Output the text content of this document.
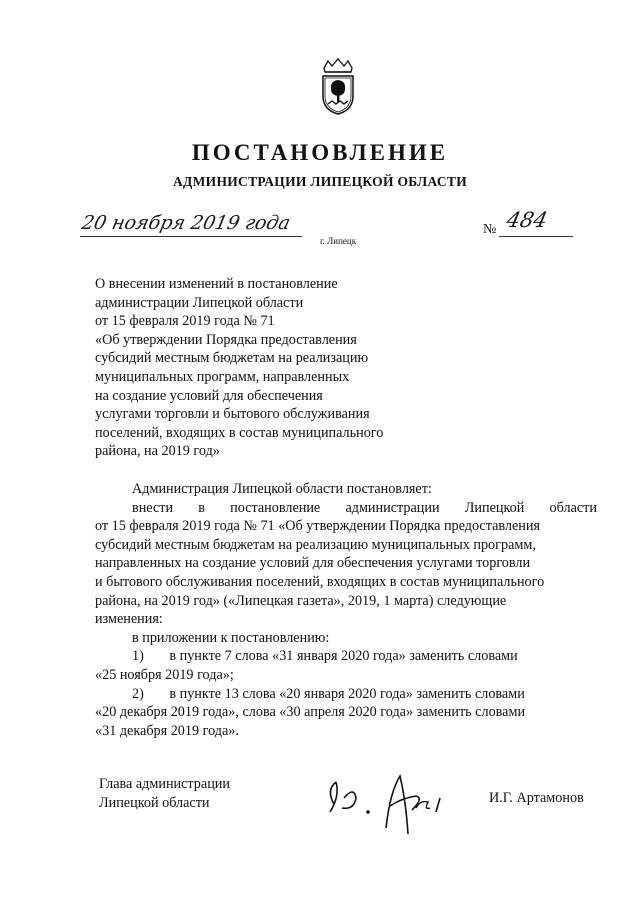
ПОСТАНОВЛЕНИЕ
АДМИНИСТРАЦИИ ЛИПЕЦКОЙ ОБЛАСТИ
20 ноября 2019 года
г. Липецк
№ 484
О внесении изменений в постановление
администрации Липецкой области
от 15 февраля 2019 года № 71
«Об утверждении Порядка предоставления
субсидий местным бюджетам на реализацию
муниципальных программ, направленных
на создание условий для обеспечения
услугами торговли и бытового обслуживания
поселений, входящих в состав муниципального
района, на 2019 год»
Администрация Липецкой области постановляет:
внести в постановление администрации Липецкой области
от 15 февраля 2019 года № 71 «Об утверждении Порядка предоставления
субсидий местным бюджетам на реализацию муниципальных программ,
направленных на создание условий для обеспечения услугами торговли
и бытового обслуживания поселений, входящих в состав муниципального
района, на 2019 год» («Липецкая газета», 2019, 1 марта) следующие
изменения:
в приложении к постановлению:
1) в пункте 7 слова «31 января 2020 года» заменить словами
«25 ноября 2019 года»;
2) в пункте 13 слова «20 января 2020 года» заменить словами
«20 декабря 2019 года», слова «30 апреля 2020 года» заменить словами
«31 декабря 2019 года».
Глава администрации
Липецкой области	И.Г. Артамонов
